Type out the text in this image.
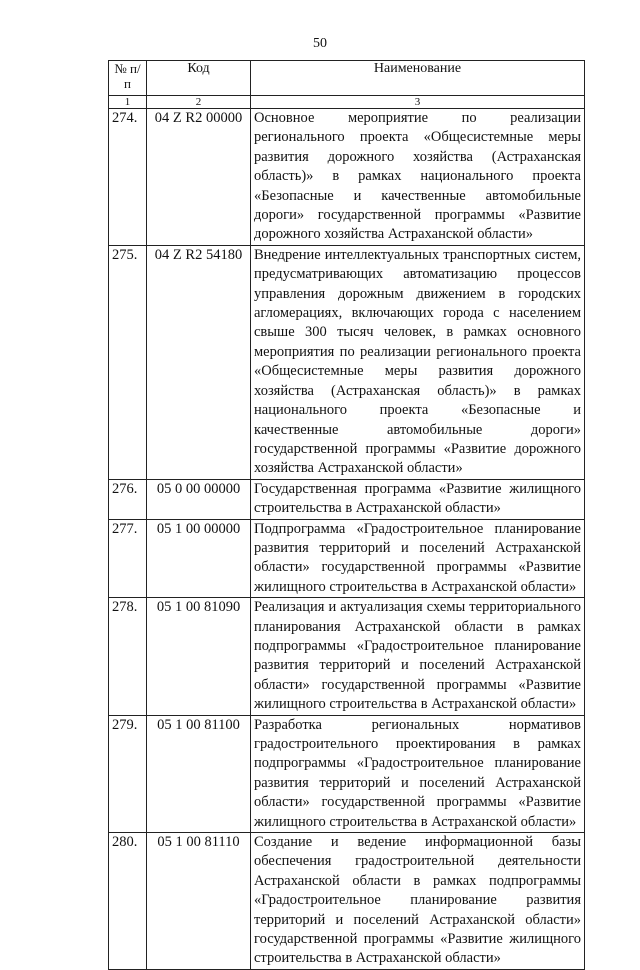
50
№ п/п	Код	Наименование
1	2	3
274.	04 Z R2 00000	Основное мероприятие по реализации регионального проекта «Общесистемные меры развития дорожного хозяйства (Астраханская область)» в рамках национального проекта «Безопасные и качественные автомобильные дороги» государственной программы «Развитие дорожного хозяйства Астраханской области»
275.	04 Z R2 54180	Внедрение интеллектуальных транспортных систем, предусматривающих автоматизацию процессов управления дорожным движением в городских агломерациях, включающих города с населением свыше 300 тысяч человек, в рамках основного мероприятия по реализации регионального проекта «Общесистемные меры развития дорожного хозяйства (Астраханская область)» в рамках национального проекта «Безопасные и качественные автомобильные дороги» государственной программы «Развитие дорожного хозяйства Астраханской области»
276.	05 0 00 00000	Государственная программа «Развитие жилищного строительства в Астраханской области»
277.	05 1 00 00000	Подпрограмма «Градостроительное планирование развития территорий и поселений Астраханской области» государственной программы «Развитие жилищного строительства в Астраханской области»
278.	05 1 00 81090	Реализация и актуализация схемы территориального планирования Астраханской области в рамках подпрограммы «Градостроительное планирование развития территорий и поселений Астраханской области» государственной программы «Развитие жилищного строительства в Астраханской области»
279.	05 1 00 81100	Разработка региональных нормативов градостроительного проектирования в рамках подпрограммы «Градостроительное планирование развития территорий и поселений Астраханской области» государственной программы «Развитие жилищного строительства в Астраханской области»
280.	05 1 00 81110	Создание и ведение информационной базы обеспечения градостроительной деятельности Астраханской области в рамках подпрограммы «Градостроительное планирование развития территорий и поселений Астраханской области» государственной программы «Развитие жилищного строительства в Астраханской области»
